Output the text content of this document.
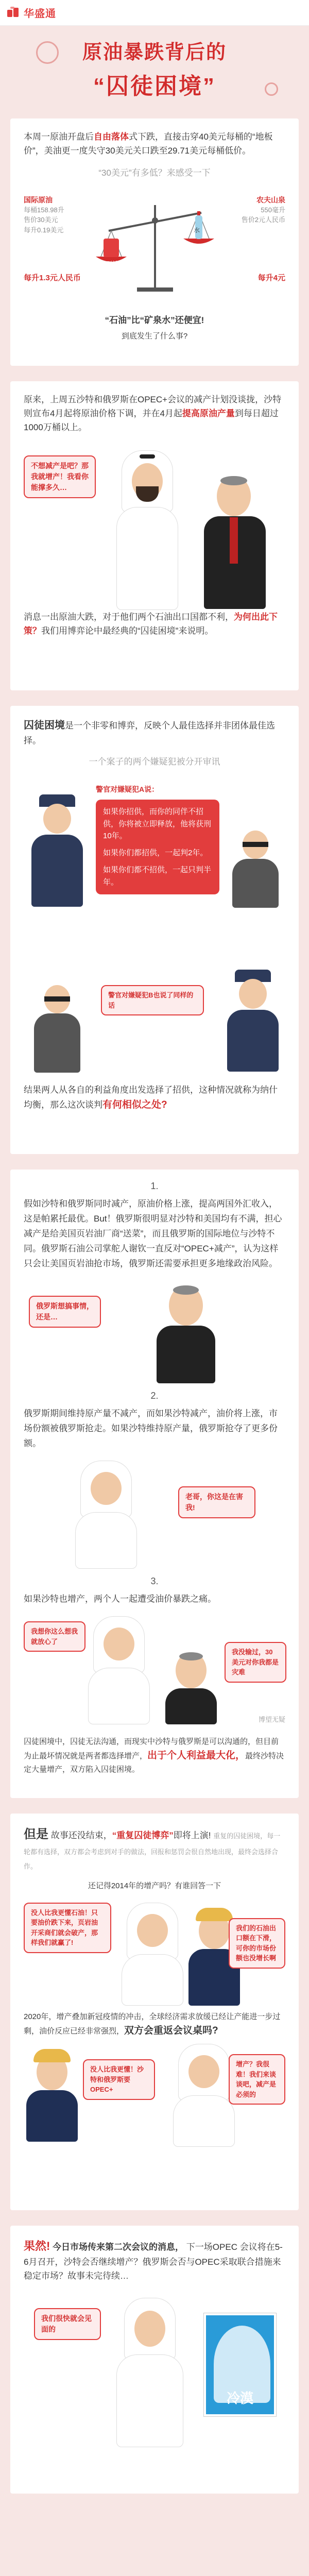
华盛通
原油暴跌背后的
“囚徒困境”

本周一原油开盘后自由落体式下跌，直接击穿40美元每桶的“地板价”，美油更一度失守30美元关口跌至29.71美元每桶低价。

“30美元”有多低？来感受一下

国际原油
每桶158.98升
售价30美元
每升0.19美元
每升1.3元人民币
石油
水
农夫山泉
550毫升
售价2元人民币
每升4元

“石油”比“矿泉水”还便宜!

到底发生了什么事?

原来，上周五沙特和俄罗斯在OPEC+会议的减产计划没谈拢，沙特则宣布4月起将原油价格下调，并在4月起提高原油产量到每日超过1000万桶以上。

不想减产是吧？那我就增产！我看你能撑多久…

消息一出原油大跌，对于他们两个石油出口国都不利，为何出此下策？我们用博弈论中最经典的“囚徒困境”来说明。

囚徒困境是一个非零和博弈，反映个人最佳选择并非团体最佳选择。

一个案子的两个嫌疑犯被分开审讯

警官对嫌疑犯A说：
如果你招供，而你的同伴不招供，你将被立即释放，他将获刑10年。
如果你们都招供，一起判2年。
如果你们都不招供，一起只判半年。
警官对嫌疑犯B也说了同样的话

结果两人从各自的利益角度出发选择了招供，这种情况就称为纳什均衡，那么这次谈判有何相似之处?

1.

假如沙特和俄罗斯同时减产，原油价格上涨，提高两国外汇收入，这是帕累托最优。But！俄罗斯很明显对沙特和美国均有不满，担心减产是给美国页岩油厂商“送菜”，而且俄罗斯的国际地位与沙特不同。俄罗斯石油公司掌舵人谢钦一直反对“OPEC+减产”，认为这样只会让美国页岩油抢市场，俄罗斯还需要承担更多地缘政治风险。

俄罗斯想搞事情，还是…
2.

俄罗斯期间维持原产量不减产，而如果沙特减产，油价将上涨，市场份额被俄罗斯抢走。如果沙特维持原产量，俄罗斯抢夺了更多份额。

老哥，你这是在害我!
3.

如果沙特也增产，两个人一起遭受油价暴跌之痛。

我想你这么想我就放心了
我没输过，30美元对你我都是灾难
博望无疑

囚徒困境中，囚徒无法沟通，而现实中沙特与俄罗斯是可以沟通的，但目前为止最坏情况就是两者都选择增产，出于个人利益最大化，最终沙特决定大量增产，双方陷入囚徒困境。

但是 故事还没结束，“重复囚徒博弈”即将上演! 重复的囚徒困境，每一轮都有选择，双方都会考虑到对手的做法，回报和惩罚会很自然地出现，最终会选择合作。

还记得2014年的增产吗？有谁回答一下

没人比我更懂石油！只要油价跌下来，页岩油开采商们就会破产，那样我们就赢了!
我们的石油出口额在下滑，可你的市场份额也没增长啊

2020年，增产叠加新冠疫情的冲击，全球经济需求放缓已经让产能进一步过剩，油价反应已经非常强烈，双方会重返会议桌吗?

没人比我更懂！沙特和俄罗斯要OPEC+
增产？我很难！我们来谈谈吧，减产是必须的

果然! 今日市场传来第二次会议的消息， 下一场OPEC 会议将在5-6月召开，沙特会否继续增产？俄罗斯会否与OPEC采取联合措施来稳定市场？故事未完待续…

我们很快就会见面的
冷漠
